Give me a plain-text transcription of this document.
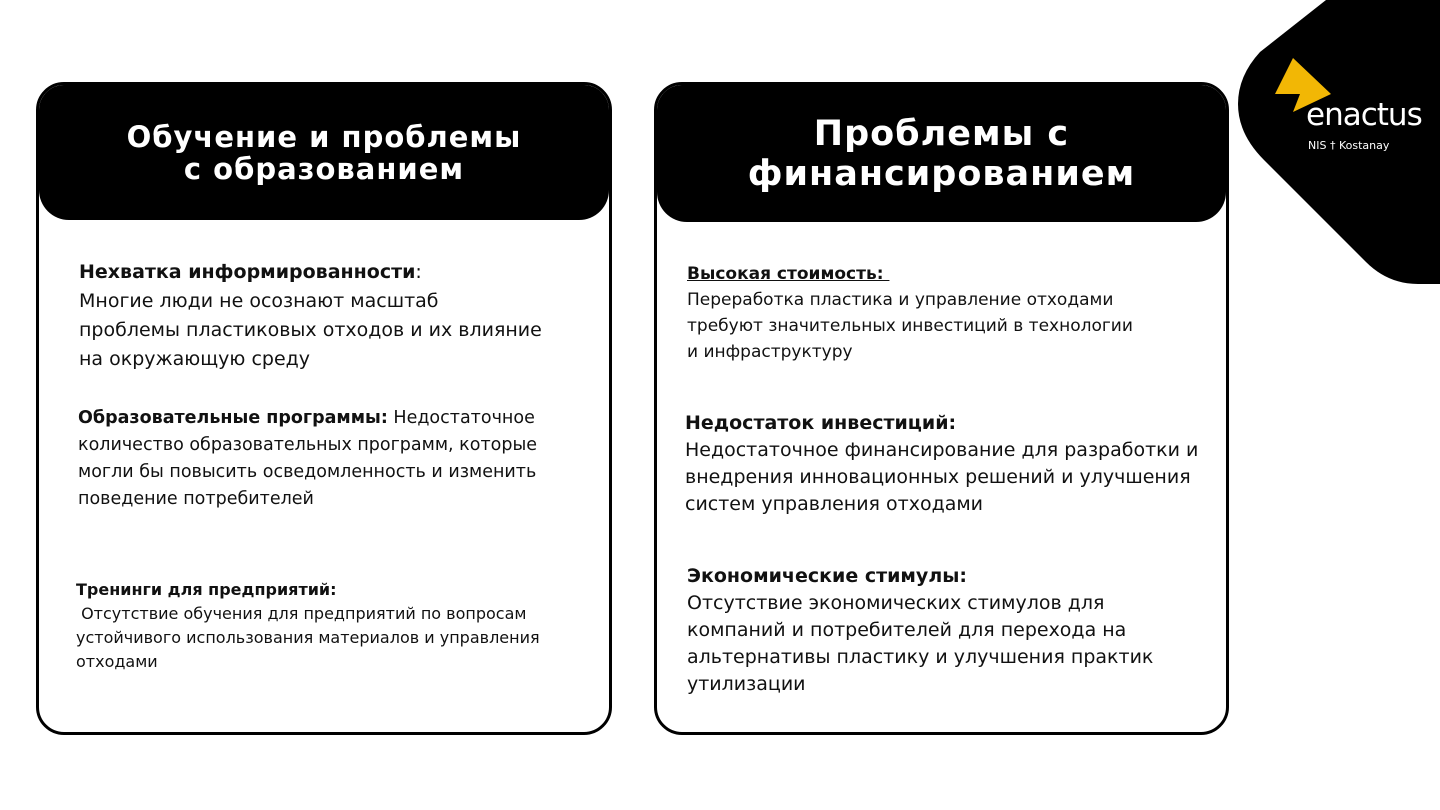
enactus
NIS † Kostanay
Обучение и проблемы
с образованием
Нехватка информированности:
Многие люди не осознают масштаб
проблемы пластиковых отходов и их влияние
на окружающую среду
Образовательные программы: Недостаточное
количество образовательных программ, которые
могли бы повысить осведомленность и изменить
поведение потребителей
Тренинги для предприятий:
Отсутствие обучения для предприятий по вопросам
устойчивого использования материалов и управления
отходами
Проблемы с
финансированием
Высокая стоимость:
Переработка пластика и управление отходами
требуют значительных инвестиций в технологии
и инфраструктуру
Недостаток инвестиций:
Недостаточное финансирование для разработки и
внедрения инновационных решений и улучшения
систем управления отходами
Экономические стимулы:
Отсутствие экономических стимулов для
компаний и потребителей для перехода на
альтернативы пластику и улучшения практик
утилизации
